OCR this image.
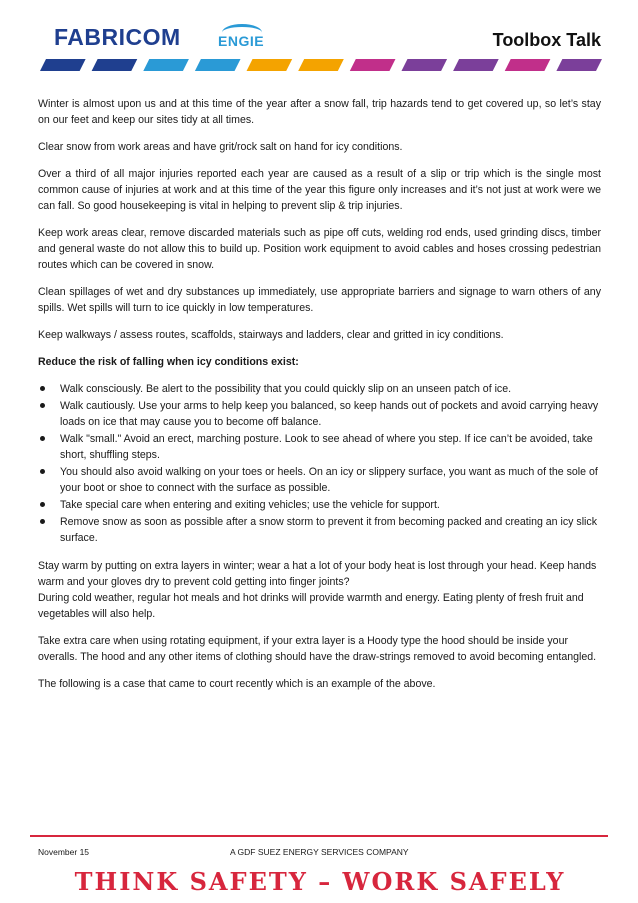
FABRICOM	ENGIE	Toolbox Talk

Winter is almost upon us and at this time of the year after a snow fall, trip hazards tend to get covered up, so let’s stay on our feet and keep our sites tidy at all times.

Clear snow from work areas and have grit/rock salt on hand for icy conditions.

Over a third of all major injuries reported each year are caused as a result of a slip or trip which is the single most common cause of injuries at work and at this time of the year this figure only increases and it’s not just at work were we can fall. So good housekeeping is vital in helping to prevent slip & trip injuries.

Keep work areas clear, remove discarded materials such as pipe off cuts, welding rod ends, used grinding discs, timber and general waste do not allow this to build up. Position work equipment to avoid cables and hoses crossing pedestrian routes which can be covered in snow.

Clean spillages of wet and dry substances up immediately, use appropriate barriers and signage to warn others of any spills. Wet spills will turn to ice quickly in low temperatures.

Keep walkways / assess routes, scaffolds, stairways and ladders, clear and gritted in icy conditions.

Reduce the risk of falling when icy conditions exist:

Walk consciously. Be alert to the possibility that you could quickly slip on an unseen patch of ice.
Walk cautiously. Use your arms to help keep you balanced, so keep hands out of pockets and avoid carrying heavy loads on ice that may cause you to become off balance.
Walk "small." Avoid an erect, marching posture. Look to see ahead of where you step. If ice can’t be avoided, take short, shuffling steps.
You should also avoid walking on your toes or heels. On an icy or slippery surface, you want as much of the sole of your boot or shoe to connect with the surface as possible.
Take special care when entering and exiting vehicles; use the vehicle for support.
Remove snow as soon as possible after a snow storm to prevent it from becoming packed and creating an icy slick surface.

Stay warm by putting on extra layers in winter; wear a hat a lot of your body heat is lost through your head. Keep hands warm and your gloves dry to prevent cold getting into finger joints?
During cold weather, regular hot meals and hot drinks will provide warmth and energy. Eating plenty of fresh fruit and vegetables will also help.

Take extra care when using rotating equipment, if your extra layer is a Hoody type the hood should be inside your overalls. The hood and any other items of clothing should have the draw-strings removed to avoid becoming entangled.

The following is a case that came to court recently which is an example of the above.

November 15	A GDF SUEZ ENERGY SERVICES COMPANY
THINK SAFETY – WORK SAFELY
